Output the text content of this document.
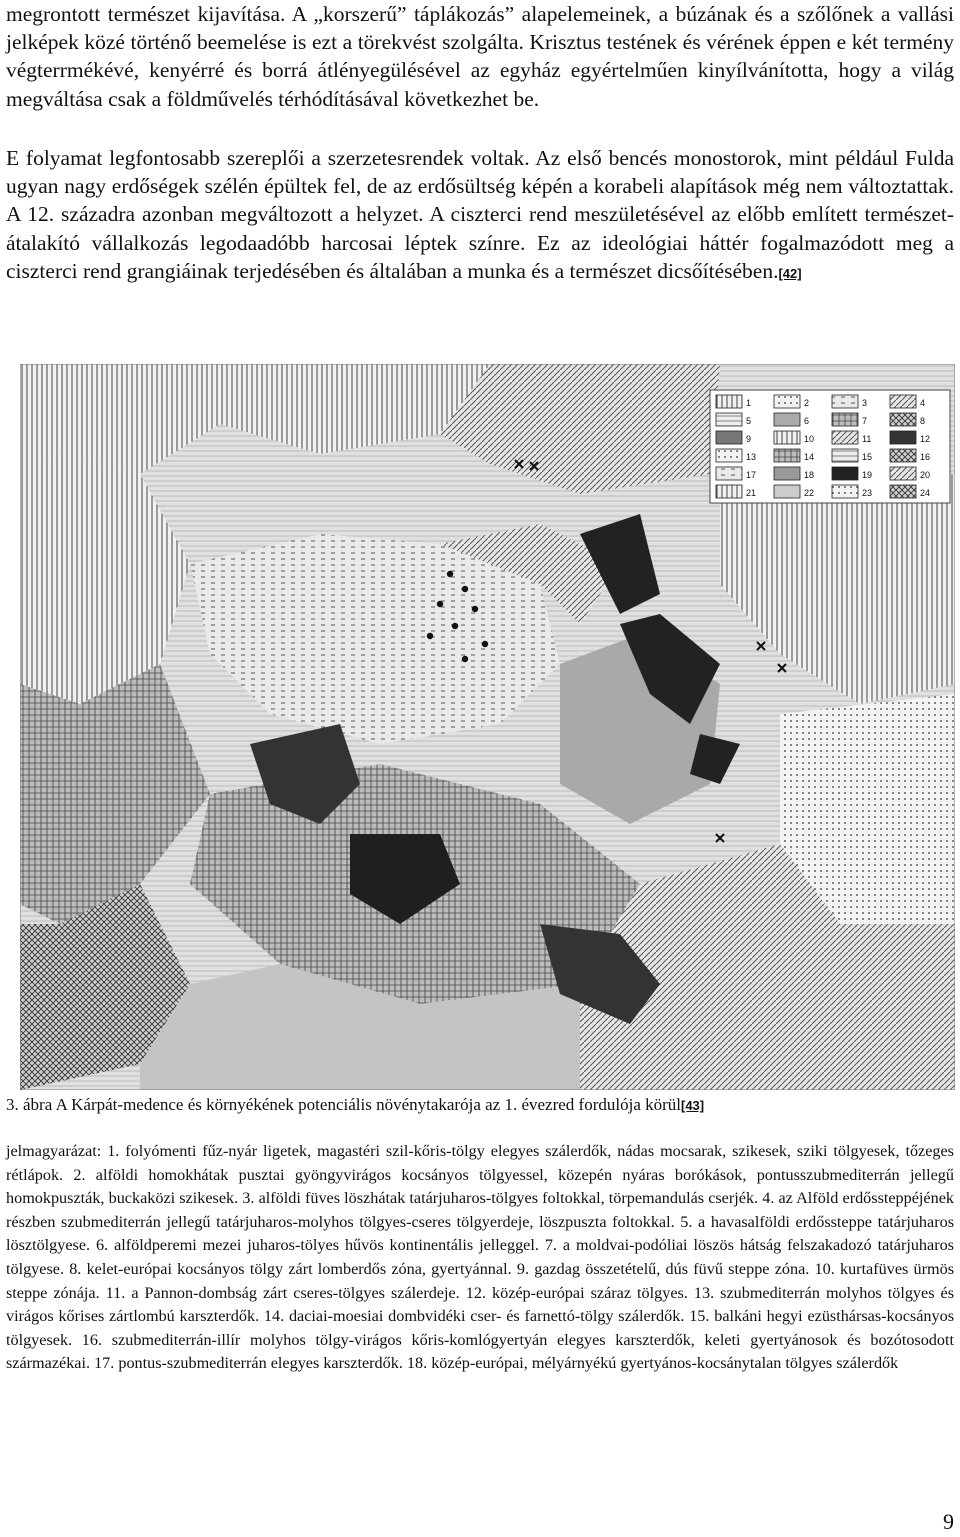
megrontott természet kijavítása. A „korszerű” táplákozás” alapelemeinek, a búzának és a szőlőnek a vallási jelképek közé történő beemelése is ezt a törekvést szolgálta. Krisztus testének és vérének éppen e két termény végterrmékévé, kenyérré és borrá átlényegülésével az egyház egyértelműen kinyílvánította, hogy a világ megváltása csak a földművelés térhódításával következhet be.

E folyamat legfontosabb szereplői a szerzetesrendek voltak. Az első bencés monostorok, mint például Fulda ugyan nagy erdőségek szélén épültek fel, de az erdősültség képén a korabeli alapítások még nem változtattak. A 12. századra azonban megváltozott a helyzet. A ciszterci rend meszületésével az előbb említett természet-átalakító vállalkozás legodaadóbb harcosai léptek színre. Ez az ideológiai háttér fogalmazódott meg a ciszterci rend grangiáinak terjedésében és általában a munka és a természet dicsőítésében.[42]

1	2	3	4
5	6	7	8
9	10	11	12
13	14	15	16
17	18	19	20
21	22	23	24

3. ábra A Kárpát-medence és környékének potenciális növénytakarója az 1. évezred fordulója körül[43]

jelmagyarázat: 1. folyómenti fűz-nyár ligetek, magastéri szil-kőris-tölgy elegyes szálerdők, nádas mocsarak, szikesek, sziki tölgyesek, tőzeges rétlápok. 2. alföldi homokhátak pusztai gyöngyvirágos kocsányos tölgyessel, közepén nyáras borókások, pontusszubmediterrán jellegű homokpuszták, buckaközi szikesek. 3. alföldi füves löszhátak tatárjuharos-tölgyes foltokkal, törpemandulás cserjék. 4. az Alföld erdőssteppéjének részben szubmediterrán jellegű tatárjuharos-molyhos tölgyes-cseres tölgyerdeje, löszpuszta foltokkal. 5. a havasalföldi erdőssteppe tatárjuharos lösztölgyese. 6. alföldperemi mezei juharos-tölyes hűvös kontinentális jelleggel. 7. a moldvai-podóliai löszös hátság felszakadozó tatárjuharos tölgyese. 8. kelet-európai kocsányos tölgy zárt lomberdős zóna, gyertyánnal. 9. gazdag összetételű, dús füvű steppe zóna. 10. kurtafüves ürmös steppe zónája. 11. a Pannon-dombság zárt cseres-tölgyes szálerdeje. 12. közép-európai száraz tölgyes. 13. szubmediterrán molyhos tölgyes és virágos kőrises zártlombú karszterdők. 14. daciai-moesiai dombvidéki cser- és farnettó-tölgy szálerdők. 15. balkáni hegyi ezüsthársas-kocsányos tölgyesek. 16. szubmediterrán-illír molyhos tölgy-virágos kőris-komlógyertyán elegyes karszterdők, keleti gyertyánosok és bozótosodott származékai. 17. pontus-szubmediterrán elegyes karszterdők. 18. közép-európai, mélyárnyékú gyertyános-kocsánytalan tölgyes szálerdők

9
